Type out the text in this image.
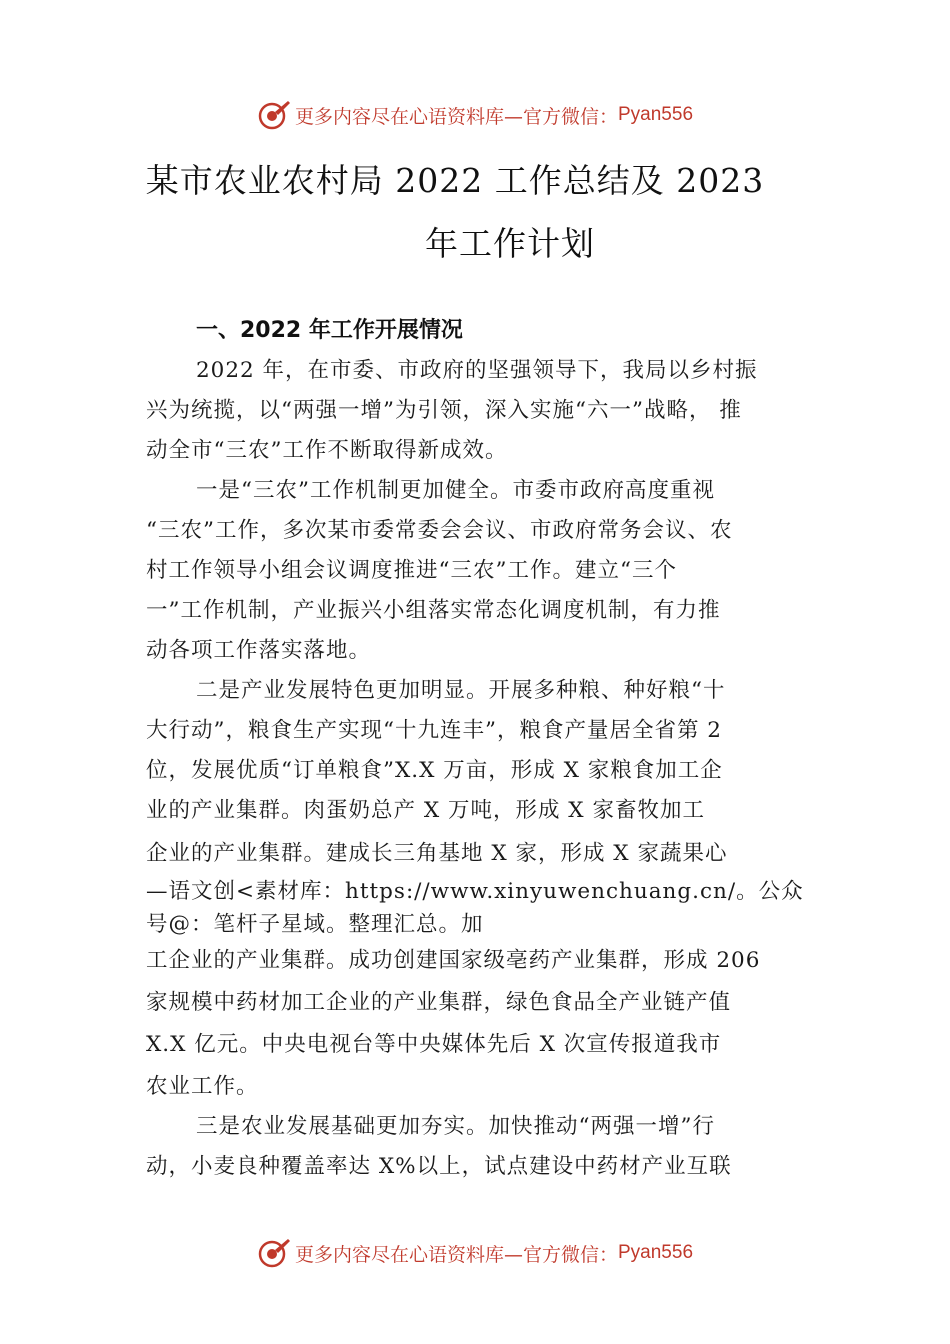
更多内容尽在心语资料库—官方微信： Pyan556
某市农业农村局 2022 工作总结及 2023
年工作计划
一、2022 年工作开展情况
2022 年，在市委、市政府的坚强领导下，我局以乡村振
兴为统揽，以“两强一增”为引领，深入实施“六一”战略， 推
动全市“三农”工作不断取得新成效。
一是“三农”工作机制更加健全。市委市政府高度重视
“三农”工作，多次某市委常委会会议、市政府常务会议、农
村工作领导小组会议调度推进“三农”工作。建立“三个
一”工作机制，产业振兴小组落实常态化调度机制，有力推
动各项工作落实落地。
二是产业发展特色更加明显。开展多种粮、种好粮“十
大行动”，粮食生产实现“十九连丰”，粮食产量居全省第 2
位，发展优质“订单粮食”X.X 万亩，形成 X 家粮食加工企
业的产业集群。肉蛋奶总产 X 万吨，形成 X 家畜牧加工
企业的产业集群。建成长三角基地 X 家，形成 X 家蔬果心
—语文创<素材库：https://www.xinyuwenchuang.cn/。公众
号@：笔杆子星域。整理汇总。加
工企业的产业集群。成功创建国家级亳药产业集群，形成 206
家规模中药材加工企业的产业集群，绿色食品全产业链产值
X.X 亿元。中央电视台等中央媒体先后 X 次宣传报道我市
农业工作。
三是农业发展基础更加夯实。加快推动“两强一增”行
动，小麦良种覆盖率达 X%以上，试点建设中药材产业互联
更多内容尽在心语资料库—官方微信： Pyan556
